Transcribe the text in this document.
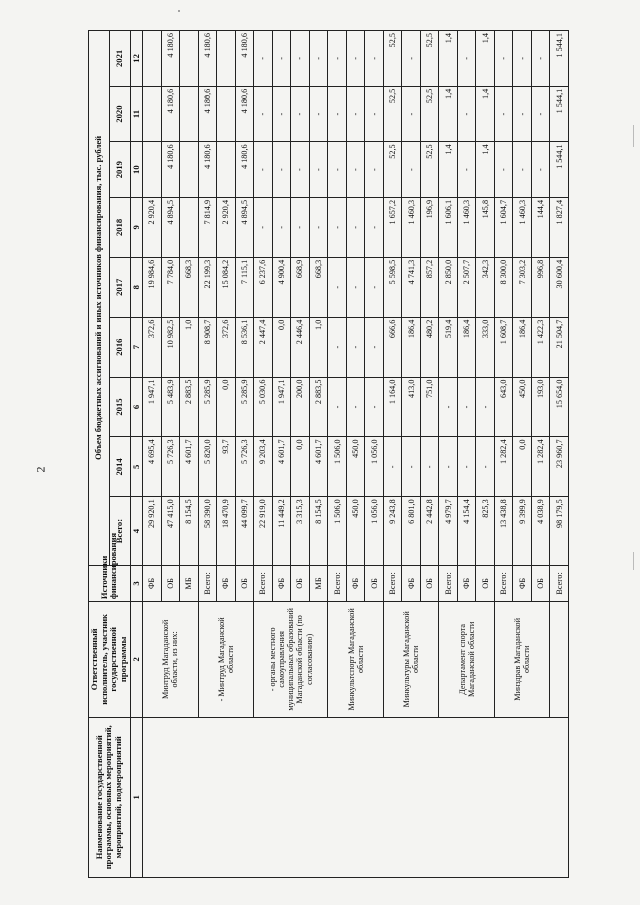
2
Наименование государственной программы, основных мероприятий, мероприятий, подмероприятий	Ответственный исполнитель, участник государственной программы	Источники финансирования	Объем бюджетных ассигнований и иных источников финансирования, тыс. рублей								
			Всего:	2014	2015	2016	2017	2018	2019	2020	2021
1	2	3	4	5	6	7	8	9	10	11	12
	Минтруд Магаданской области, из них:	ФБ	29 920,1	4 695,4	1 947,1	372,6	19 984,6	2 920,4			
		ОБ	47 415,0	5 726,3	5 483,9	10 982,5	7 784,0	4 894,5	4 180,6	4 180,6	4 180,6
		МБ	8 154,5	4 601,7	2 883,5	1,0	668,3				
	- Минтруд Магаданской области	Всего:	58 390,0	5 820,0	5 285,9	8 908,7	22 199,3	7 814,9	4 180,6	4 180,6	4 180,6
		ФБ	18 470,9	93,7	0,0	372,6	15 084,2	2 920,4			
		ОБ	44 099,7	5 726,3	5 285,9	8 536,1	7 115,1	4 894,5	4 180,6	4 180,6	4 180,6
	- органы местного самоуправления муниципальных образований Магаданской области (по согласованию)	Всего:	22 919,0	9 203,4	5 030,6	2 447,4	6 237,6	-	-	-	-
		ФБ	11 449,2	4 601,7	1 947,1	0,0	4 900,4	-	-	-	-
		ОБ	3 315,3	0,0	200,0	2 446,4	668,9	-	-	-	-
		МБ	8 154,5	4 601,7	2 883,5	1,0	668,3	-	-	-	-
	Минкультспорт Магаданской области	Всего:	1 506,0	1 506,0	-	-	-	-	-	-	-
		ФБ	450,0	450,0	-	-	-	-	-	-	-
		ОБ	1 056,0	1 056,0	-	-	-	-	-	-	-
	Минкультуры Магаданской области	Всего:	9 243,8	-	1 164,0	666,6	5 598,5	1 657,2	52,5	52,5	52,5
		ФБ	6 801,0	-	413,0	186,4	4 741,3	1 460,3	-	-	-
		ОБ	2 442,8	-	751,0	480,2	857,2	196,9	52,5	52,5	52,5
	Департамент спорта Магаданской области	Всего:	4 979,7	-	-	519,4	2 850,0	1 606,1	1,4	1,4	1,4
		ФБ	4 154,4	-	-	186,4	2 507,7	1 460,3	-	-	-
		ОБ	825,3	-	-	333,0	342,3	145,8	1,4	1,4	1,4
	Минздрав Магаданской области	Всего:	13 438,8	1 282,4	643,0	1 608,7	8 300,0	1 604,7	-	-	-
		ФБ	9 399,9	0,0	450,0	186,4	7 303,2	1 460,3	-	-	-
		ОБ	4 038,9	1 282,4	193,0	1 422,3	996,8	144,4	-	-	-
		Всего:	98 179,5	23 960,7	15 654,0	21 504,7	30 600,4	1 827,4	1 544,1	1 544,1	1 544,1
